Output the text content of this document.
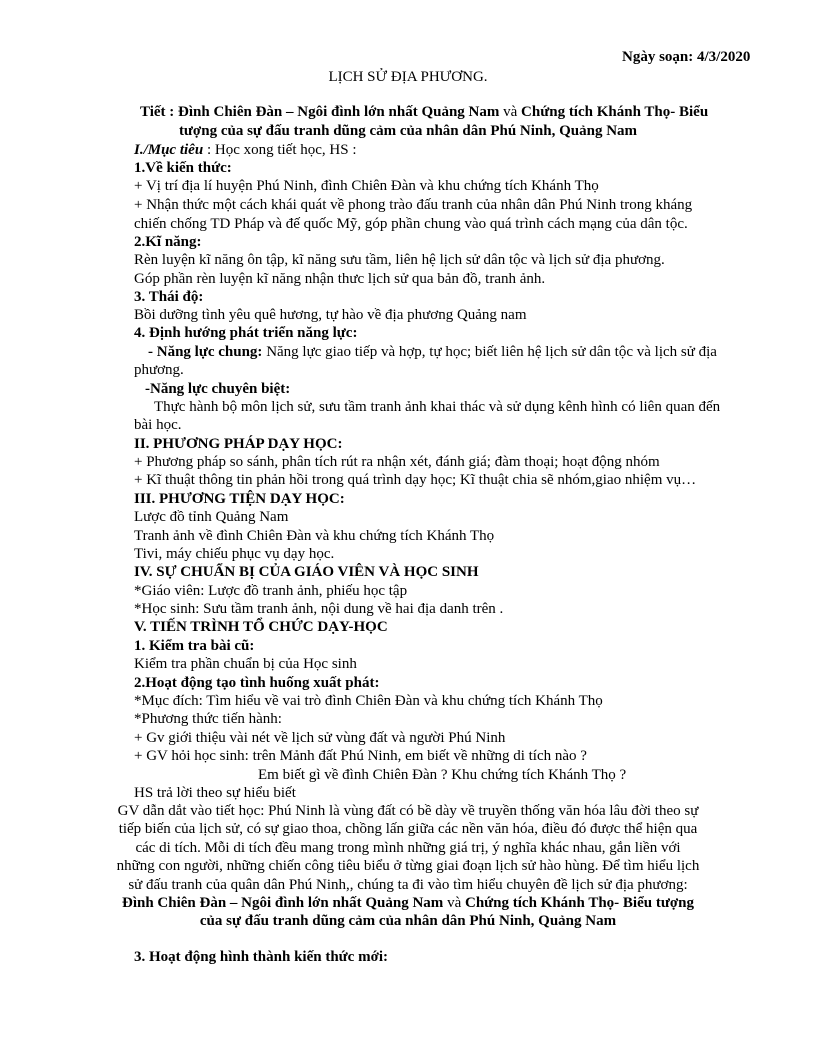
Ngày soạn: 4/3/2020
LỊCH SỬ ĐỊA PHƯƠNG.
Tiết : Đình Chiên Đàn – Ngôi đình lớn nhất Quảng Nam và Chứng tích Khánh Thọ- Biểu
tượng của sự đấu tranh dũng cảm của nhân dân Phú Ninh, Quảng Nam
I./Mục tiêu : Học xong tiết học, HS :
1.Về kiến thức:
+ Vị trí địa lí huyện Phú Ninh, đình Chiên Đàn và khu chứng tích Khánh Thọ
+ Nhận thức một cách khái quát về phong trào đấu tranh của nhân dân Phú Ninh trong kháng
chiến chống TD Pháp và đế quốc Mỹ, góp phần chung vào quá trình cách mạng của dân tộc.
2.Kĩ năng:
Rèn luyện kĩ năng ôn tập, kĩ năng sưu tầm, liên hệ lịch sử dân tộc và lịch sử địa phương.
Góp phần rèn luyện kĩ năng nhận thưc lịch sử qua bản đồ, tranh ảnh.
3. Thái độ:
Bồi dưỡng tình yêu quê hương, tự hào về địa phương Quảng nam
4. Định hướng phát triển năng lực:
- Năng lực chung: Năng lực giao tiếp và hợp, tự học; biết liên hệ lịch sử dân tộc và lịch sử địa
phương.
-Năng lực chuyên biệt:
Thực hành bộ môn lịch sử, sưu tầm tranh ảnh khai thác và sử dụng kênh hình có liên quan đến
bài học.
II. PHƯƠNG PHÁP DẠY HỌC:
+ Phương pháp so sánh, phân tích rút ra nhận xét, đánh giá; đàm thoại; hoạt động nhóm
+ Kĩ thuật thông tin phản hồi trong quá trình dạy học; Kĩ thuật chia sẽ nhóm,giao nhiệm vụ…
III. PHƯƠNG TIỆN DẠY HỌC:
Lược đồ tỉnh Quảng Nam
Tranh ảnh về đình Chiên Đàn và khu chứng tích Khánh Thọ
Tivi, máy chiếu phục vụ dạy học.
IV. SỰ CHUẨN BỊ CỦA GIÁO VIÊN VÀ HỌC SINH
*Giáo viên: Lược đồ tranh ảnh, phiếu học tập
*Học sinh: Sưu tầm tranh ảnh, nội dung về hai địa danh trên .
V. TIẾN TRÌNH TỔ CHỨC DẠY-HỌC
1. Kiểm tra bài cũ:
Kiểm tra phần chuẩn bị của Học sinh
2.Hoạt động tạo tình huống xuất phát:
*Mục đích: Tìm hiểu về vai trò đình Chiên Đàn và khu chứng tích Khánh Thọ
*Phương thức tiến hành:
+ Gv giới thiệu vài nét về lịch sử vùng đất và người Phú Ninh
+ GV hỏi học sinh: trên Mảnh đất Phú Ninh, em biết về những di tích nào ?
Em biết gì về đình Chiên Đàn ? Khu chứng tích Khánh Thọ ?
HS trả lời theo sự hiểu biết
GV dẫn dắt vào tiết học: Phú Ninh là vùng đất có bề dày về truyền thống văn hóa lâu đời theo sự
tiếp biến của lịch sử, có sự giao thoa, chồng lấn giữa các nền văn hóa, điều đó được thể hiện qua
các di tích. Mỗi di tích đều mang trong mình những giá trị, ý nghĩa khác nhau, gắn liền với
những con người, những chiến công tiêu biểu ở từng giai đoạn lịch sử hào hùng. Để tìm hiểu lịch
sử đấu tranh của quân dân Phú Ninh,, chúng ta đi vào tìm hiểu chuyên đề lịch sử địa phương:
Đình Chiên Đàn – Ngôi đình lớn nhất Quảng Nam và Chứng tích Khánh Thọ- Biểu tượng
của sự đấu tranh dũng cảm của nhân dân Phú Ninh, Quảng Nam
3. Hoạt động hình thành kiến thức mới:
